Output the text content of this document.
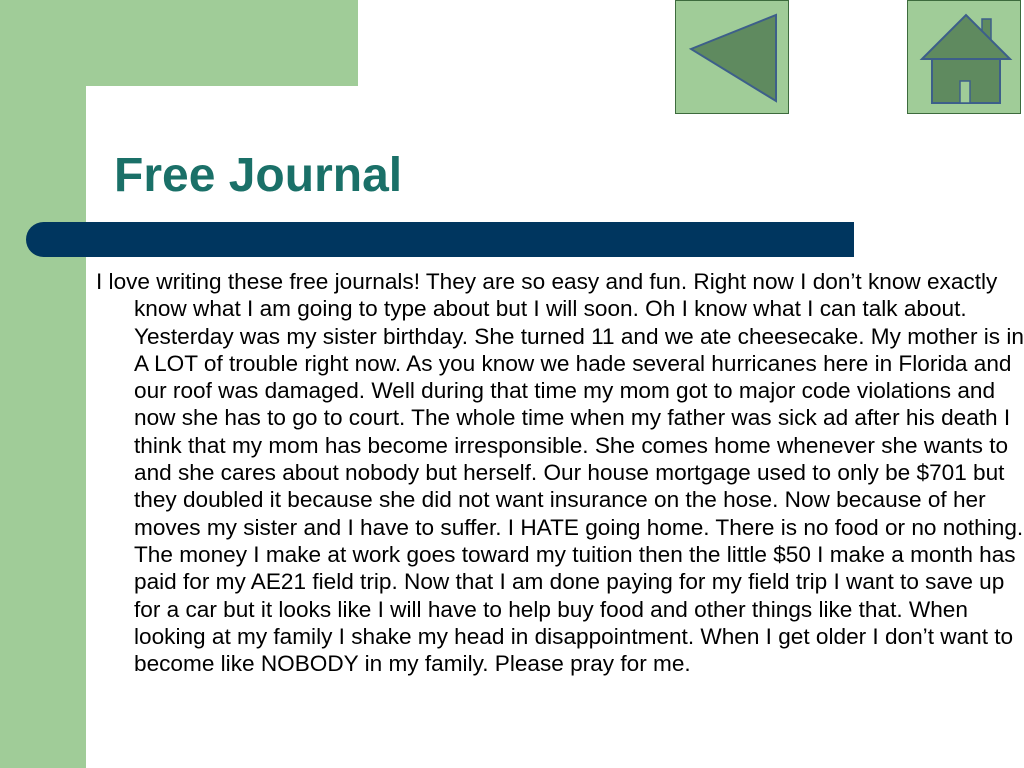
Free Journal

I love writing these free journals! They are so easy and fun. Right now I don’t know exactly know what I am going to type about but I will soon. Oh I know what I can talk about. Yesterday was my sister birthday. She turned 11 and we ate cheesecake. My mother is in A LOT of trouble right now. As you know we hade several hurricanes here in Florida and our roof was damaged. Well during that time my mom got to major code violations and now she has to go to court. The whole time when my father was sick ad after his death I think that my mom has become irresponsible. She comes home whenever she wants to and she cares about nobody but herself. Our house mortgage used to only be $701 but they doubled it because she did not want insurance on the hose. Now because of her moves my sister and I have to suffer. I HATE going home. There is no food or no nothing. The money I make at work goes toward my tuition then the little $50 I make a month has paid for my AE21 field trip. Now that I am done paying for my field trip I want to save up for a car but it looks like I will have to help buy food and other things like that. When looking at my family I shake my head in disappointment. When I get older I don’t want to become like NOBODY in my family. Please pray for me.
